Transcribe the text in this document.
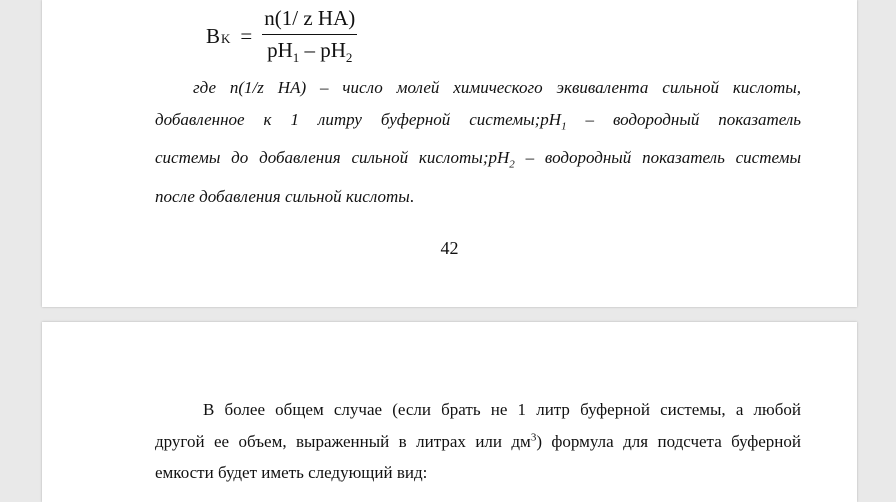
B $K = \frac{\text{n(1/ z HA)}}{pH_1 - pH_2}$
где n(1/z HA) – число молей химического эквивалента сильной кислоты,
добавленное к 1 литру буферной $системы;pH_1$ – водородный показатель
системы до добавления сильной $кислоты;pH_2$ – водородный показатель системы
после добавления сильной кислоты.
42
В более общем случае (если брать не 1 литр буферной системы, а любой
другой ее объем, выраженный в литрах или $дм^3$) формула для подсчета буферной
емкости будет иметь следующий вид:
